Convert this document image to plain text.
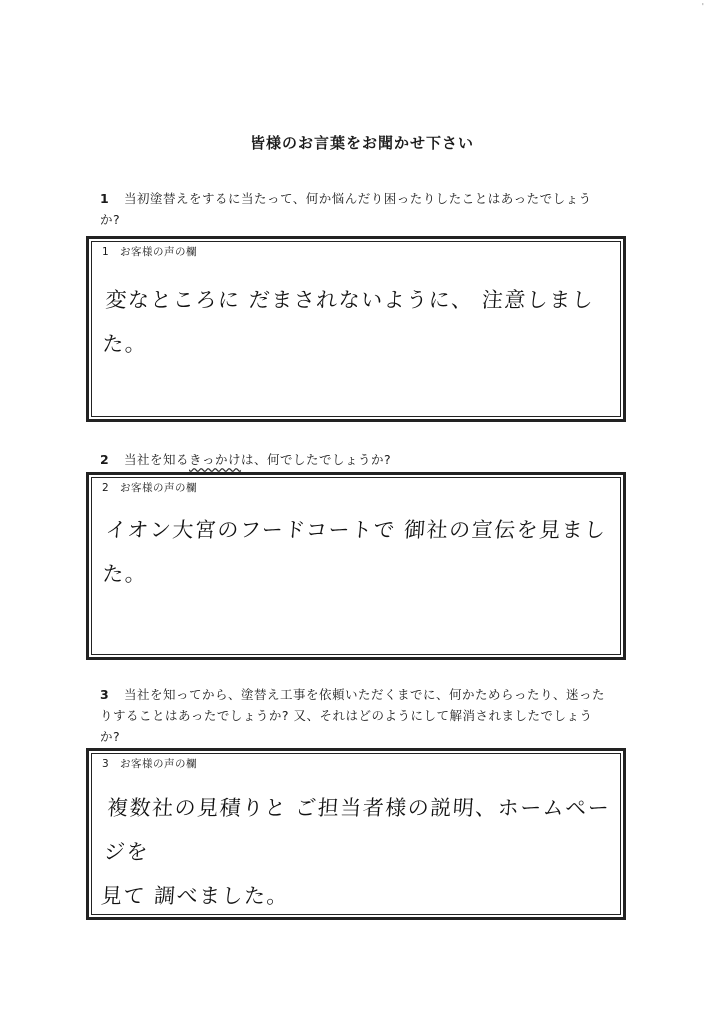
'
皆様のお言葉をお聞かせ下さい
1 当初塗替えをするに当たって、何か悩んだり困ったりしたことはあったでしょう
か?
1 お客様の声の欄
変なところに だまされないように、 注意しました。
2 当社を知るきっかけは、何でしたでしょうか?
2 お客様の声の欄
イオン大宮のフードコートで 御社の宣伝を見ました。
3 当社を知ってから、塗替え工事を依頼いただくまでに、何かためらったり、迷った
りすることはあったでしょうか? 又、それはどのようにして解消されましたでしょう
か?
3 お客様の声の欄
複数社の見積りと ご担当者様の説明、ホームページを
見て 調べました。
